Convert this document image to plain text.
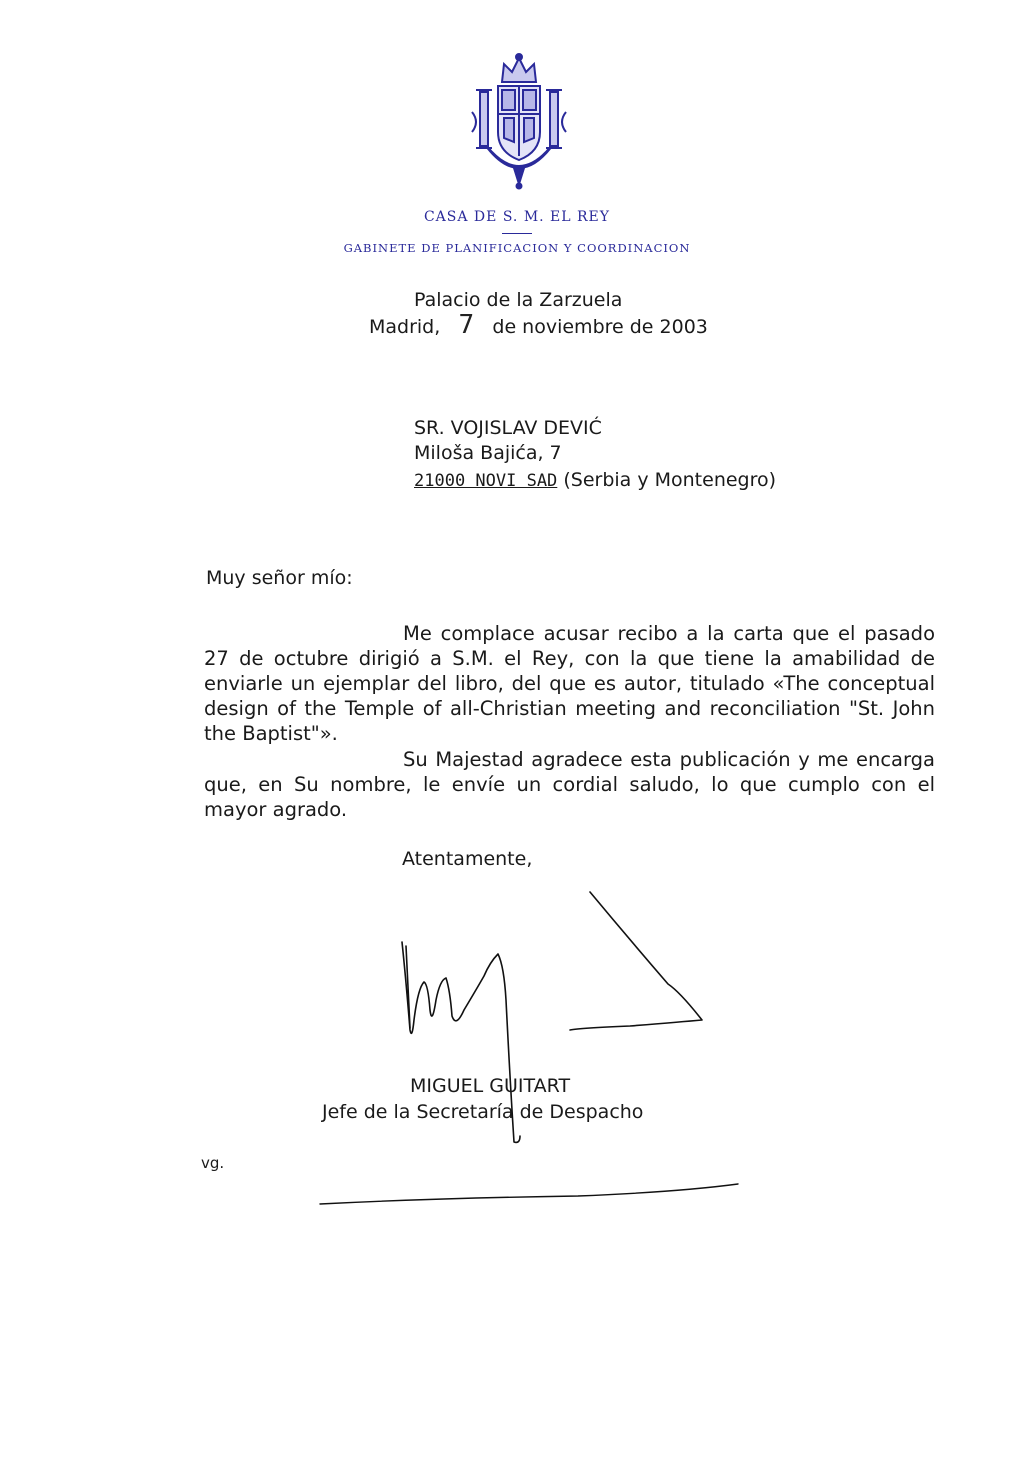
CASA DE S. M. EL REY
GABINETE DE PLANIFICACION Y COORDINACION
Palacio de la Zarzuela
Madrid, 7 de noviembre de 2003
SR. VOJISLAV DEVIĆ
Miloša Bajića, 7
21000 NOVI SAD (Serbia y Montenegro)
Muy señor mío:

Me complace acusar recibo a la carta que el pasado 27 de octubre dirigió a S.M. el Rey, con la que tiene la amabilidad de enviarle un ejemplar del libro, del que es autor, titulado «The conceptual design of the Temple of all-Christian meeting and reconciliation "St. John the Baptist"».

Su Majestad agradece esta publicación y me encarga que, en Su nombre, le envíe un cordial saludo, lo que cumplo con el mayor agrado.

Atentamente,
MIGUEL GUITART
Jefe de la Secretaría de Despacho
vg.
